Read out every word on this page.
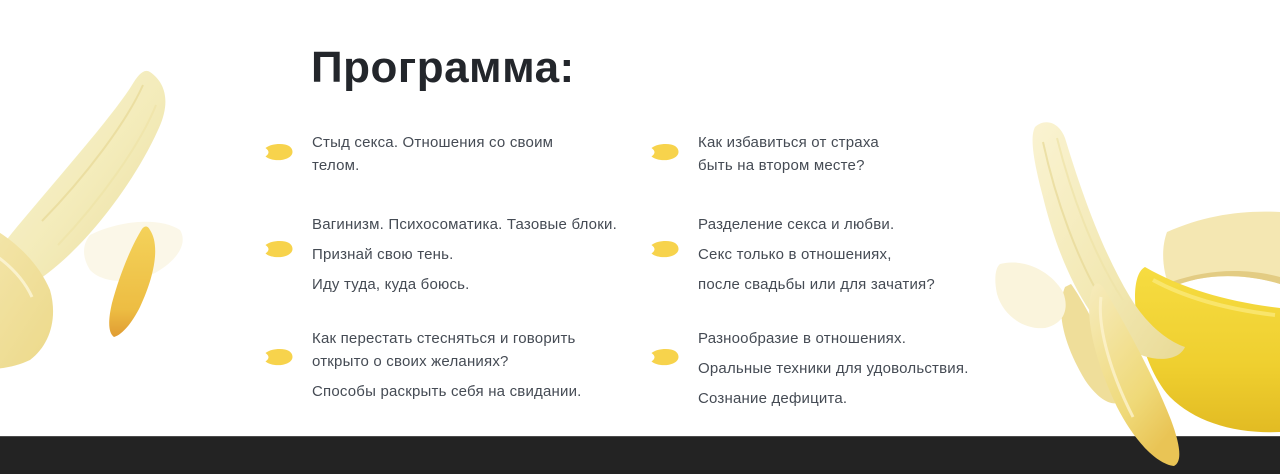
Программа:

Стыд секса. Отношения со своим
телом.

Вагинизм. Психосоматика. Тазовые блоки.

Признай свою тень.

Иду туда, куда боюсь.

Как перестать стесняться и говорить
открыто о своих желаниях?

Способы раскрыть себя на свидании.

Как избавиться от страха
быть на втором месте?

Разделение секса и любви.

Секс только в отношениях,

после свадьбы или для зачатия?

Разнообразие в отношениях.

Оральные техники для удовольствия.

Сознание дефицита.
